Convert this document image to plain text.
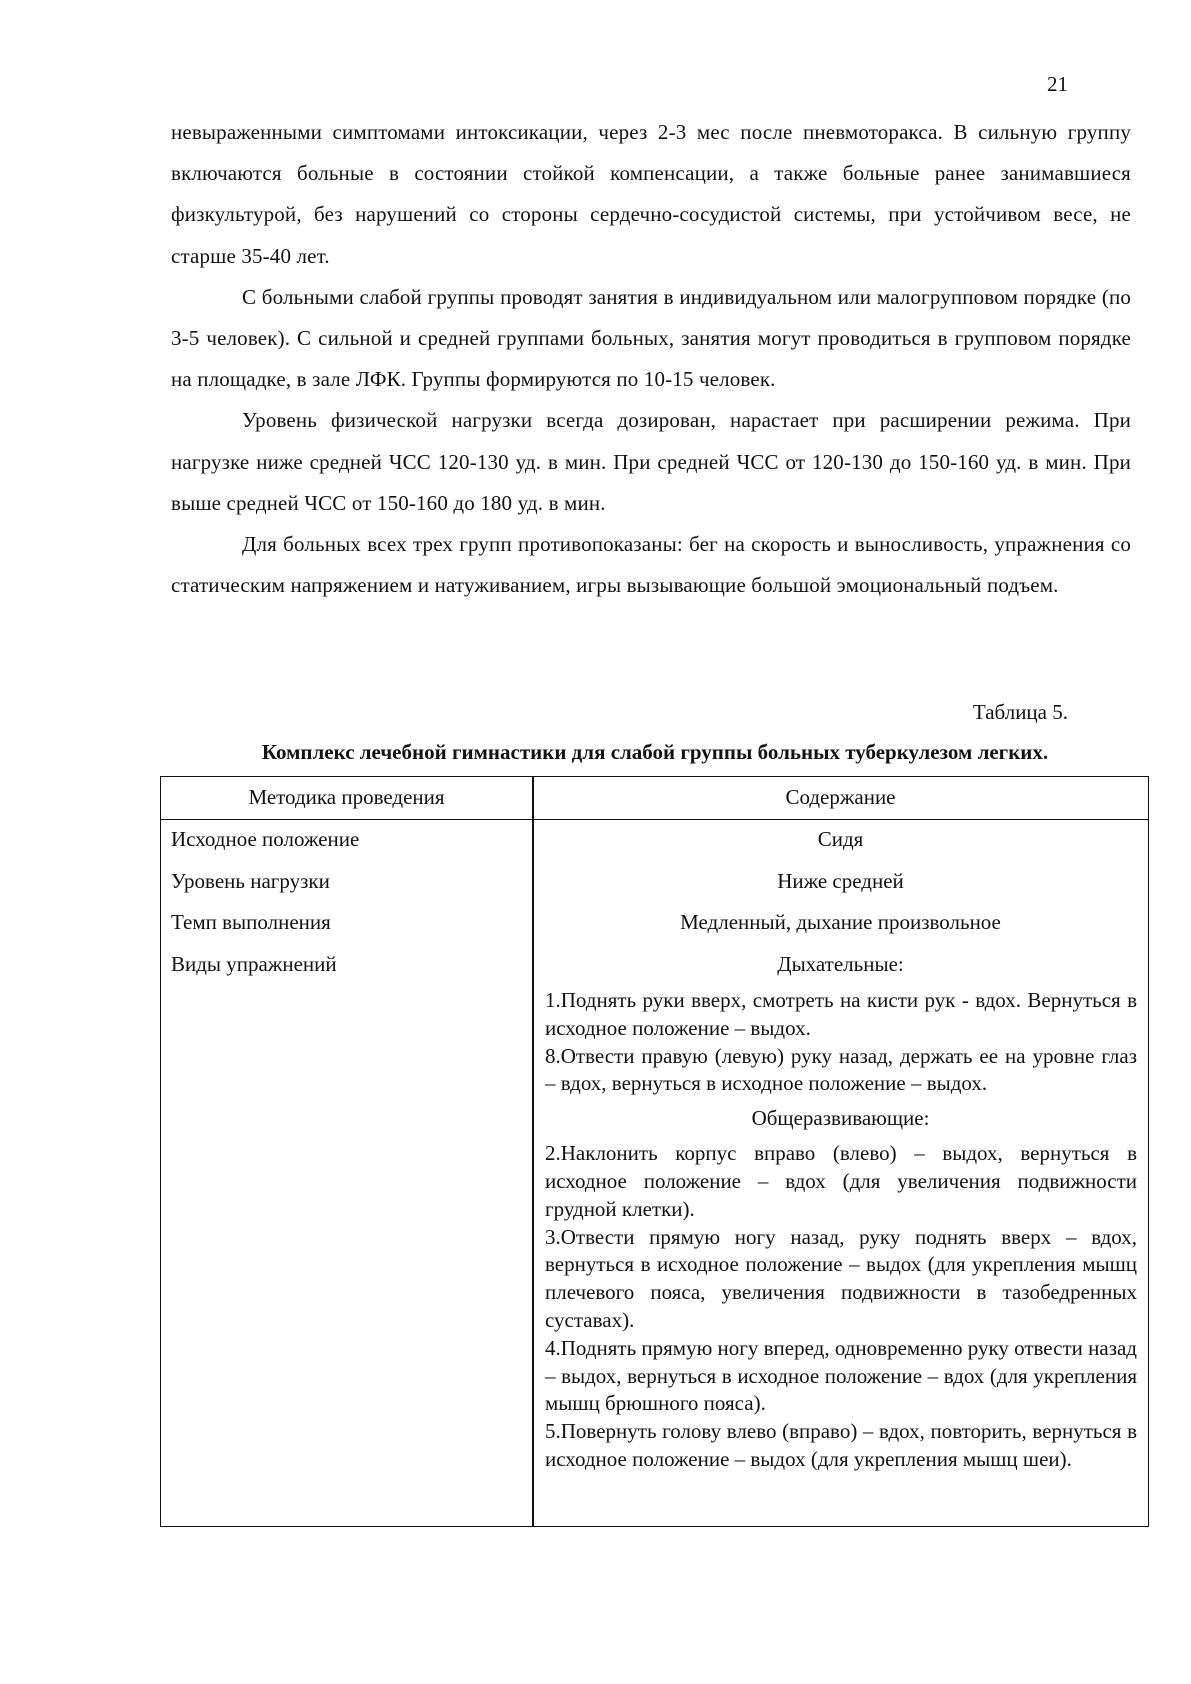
21

невыраженными симптомами интоксикации, через 2-3 мес после пневмоторакса. В сильную группу включаются больные в состоянии стойкой компенсации, а также больные ранее занимавшиеся физкультурой, без нарушений со стороны сердечно-сосудистой системы, при устойчивом весе, не старше 35-40 лет.

С больными слабой группы проводят занятия в индивидуальном или малогрупповом порядке (по 3-5 человек). С сильной и средней группами больных, занятия могут проводиться в групповом порядке на площадке, в зале ЛФК. Группы формируются по 10-15 человек.

Уровень физической нагрузки всегда дозирован, нарастает при расширении режима. При нагрузке ниже средней ЧСС 120-130 уд. в мин. При средней ЧСС от 120-130 до 150-160 уд. в мин. При выше средней ЧСС от 150-160 до 180 уд. в мин.

Для больных всех трех групп противопоказаны: бег на скорость и выносливость, упражнения со статическим напряжением и натуживанием, игры вызывающие большой эмоциональный подъем.

Таблица 5.
Комплекс лечебной гимнастики для слабой группы больных туберкулезом легких.
Методика проведения	Содержание
Исходное положение
Уровень нагрузки
Темп выполнения
Виды упражнений
Сидя
Ниже средней
Медленный, дыхание произвольное
Дыхательные:

1.Поднять руки вверх, смотреть на кисти рук - вдох. Вернуться в исходное положение – выдох.

8.Отвести правую (левую) руку назад, держать ее на уровне глаз – вдох, вернуться в исходное положение – выдох.

Общеразвивающие:

2.Наклонить корпус вправо (влево) – выдох, вернуться в исходное положение – вдох (для увеличения подвижности грудной клетки).

3.Отвести прямую ногу назад, руку поднять вверх – вдох, вернуться в исходное положение – выдох (для укрепления мышц плечевого пояса, увеличения подвижности в тазобедренных суставах).

4.Поднять прямую ногу вперед, одновременно руку отвести назад – выдох, вернуться в исходное положение – вдох (для укрепления мышц брюшного пояса).

5.Повернуть голову влево (вправо) – вдох, повторить, вернуться в исходное положение – выдох (для укрепления мышц шеи).
